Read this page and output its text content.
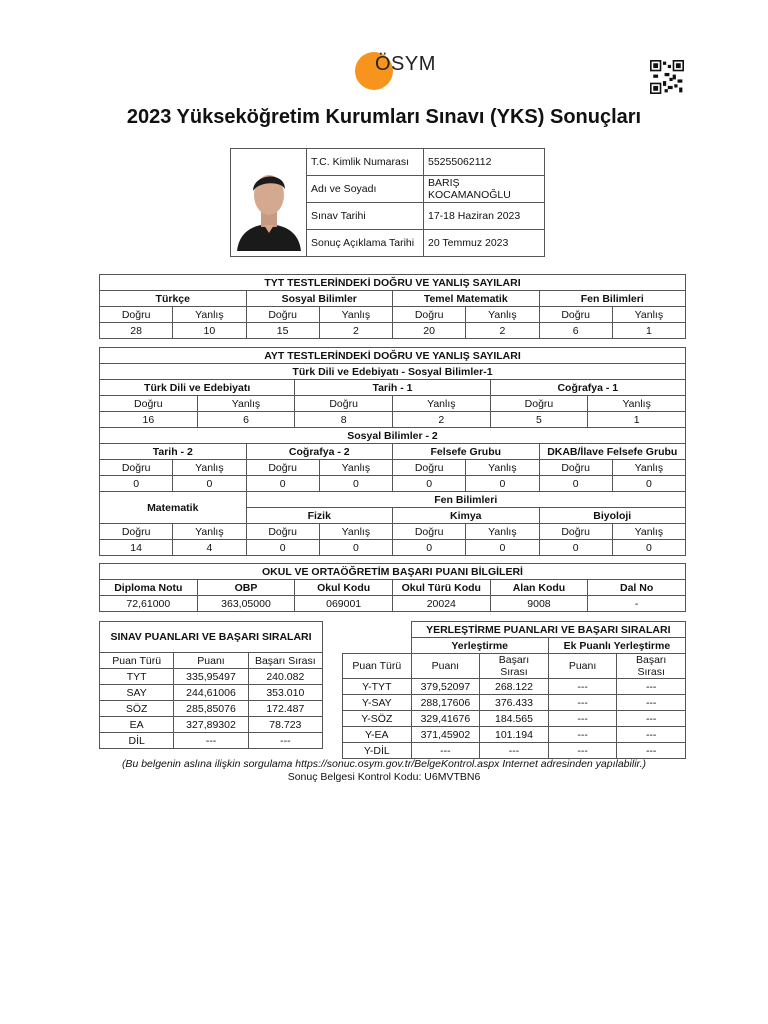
ÖSYM
2023 Yükseköğretim Kurumları Sınavı (YKS) Sonuçları
	T.C. Kimlik Numarası	55255062112
	Adı ve Soyadı	BARIŞ KOCAMANOĞLU
	Sınav Tarihi	17-18 Haziran 2023
	Sonuç Açıklama Tarihi	20 Temmuz 2023
TYT TESTLERİNDEKİ DOĞRU VE YANLIŞ SAYILARI							
Türkçe		Sosyal Bilimler		Temel Matematik		Fen Bilimleri	
Doğru	Yanlış	Doğru	Yanlış	Doğru	Yanlış	Doğru	Yanlış
28	10	15	2	20	2	6	1
AYT TESTLERİNDEKİ DOĞRU VE YANLIŞ SAYILARI					
Türk Dili ve Edebiyatı - Sosyal Bilimler-1					
Türk Dili ve Edebiyatı		Tarih - 1		Coğrafya - 1	
Doğru	Yanlış	Doğru	Yanlış	Doğru	Yanlış
16	6	8	2	5	1
Sosyal Bilimler - 2							
Tarih - 2		Coğrafya - 2		Felsefe Grubu		DKAB/İlave Felsefe Grubu	
Doğru	Yanlış	Doğru	Yanlış	Doğru	Yanlış	Doğru	Yanlış
0	0	0	0	0	0	0	0
Matematik		Fen Bilimleri					
		Fizik		Kimya		Biyoloji	
Doğru	Yanlış	Doğru	Yanlış	Doğru	Yanlış	Doğru	Yanlış
14	4	0	0	0	0	0	0
OKUL VE ORTAÖĞRETİM BAŞARI PUANI BİLGİLERİ					
Diploma Notu	OBP	Okul Kodu	Okul Türü Kodu	Alan Kodu	Dal No
72,61000	363,05000	069001	20024	9008	-
SINAV PUANLARI VE BAŞARI SIRALARI		
Puan Türü	Puanı	Başarı Sırası
TYT	335,95497	240.082
SAY	244,61006	353.010
SÖZ	285,85076	172.487
EA	327,89302	78.723
DİL	---	---
	YERLEŞTİRME PUANLARI VE BAŞARI SIRALARI			
	Yerleştirme		Ek Puanlı Yerleştirme	
Puan Türü	Puanı	Başarı Sırası	Puanı	Başarı Sırası
Y-TYT	379,52097	268.122	---	---
Y-SAY	288,17606	376.433	---	---
Y-SÖZ	329,41676	184.565	---	---
Y-EA	371,45902	101.194	---	---
Y-DİL	---	---	---	---
(Bu belgenin aslına ilişkin sorgulama https://sonuc.osym.gov.tr/BelgeKontrol.aspx Internet adresinden yapılabilir.)
Sonuç Belgesi Kontrol Kodu: U6MVTBN6
